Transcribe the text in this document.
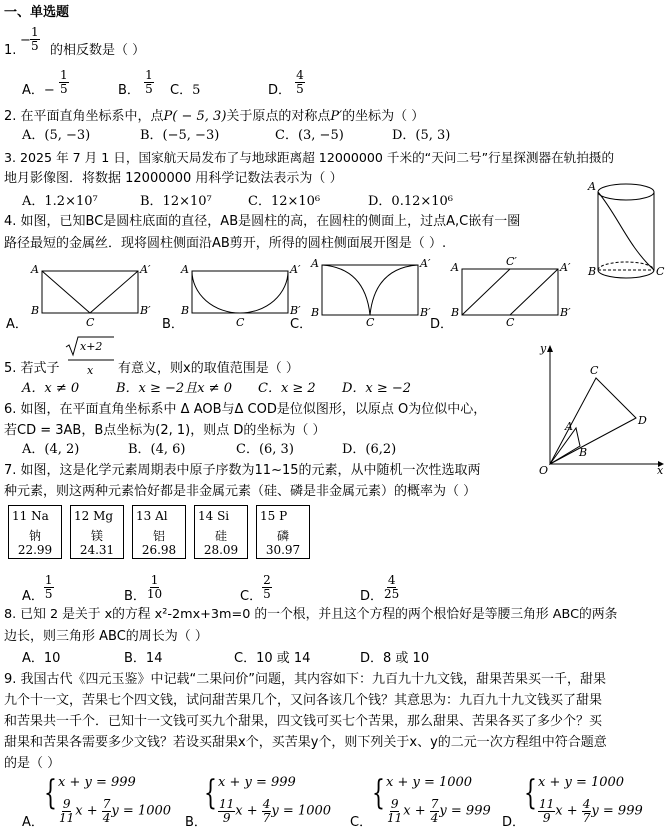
一、单选题
1.
− $\frac{1}{5}$ 的相反数是（ ）
A．− $\frac{1}{5}$	B． $\frac{1}{5}$ C．5	D． $\frac{4}{5}$
2. 在平面直角坐标系中，点P( − 5, 3)关于原点的对称点P′的坐标为（ ）
A．(5, −3)	B．(−5, −3)	C．(3, −5)	D．(5, 3)
3. 2025 年 7 月 1 日，国家航天局发布了与地球距离超 12000000 千米的“天问二号”行星探测器在轨拍摄的
地月影像图．将数据 12000000 用科学记数法表示为（ ）
A．1.2×10⁷	B．12×10⁷	C．12×10⁶	D．0.12×10⁶
4. 如图，已知BC是圆柱底面的直径，AB是圆柱的高，在圆柱的侧面上，过点A,C嵌有一圈
路径最短的金属丝．现将圆柱侧面沿AB剪开，所得的圆柱侧面展开图是（ ）.
A
B	C
A．
A	A′
B	B′
C	B．
A	A′
B	B′
C	C．
A	A′
B	B′
C	D．
A	C′	A′
B
C
B′
5. 若式子
x+2
x 有意义，则x的取值范围是（ ）
A．x ≠ 0	B．x ≥ −2且x ≠ 0 C．x ≥ 2 D．x ≥ −2
y
x
O
A
B
C
D
6. 如图，在平面直角坐标系中 Δ AOB与Δ COD是位似图形，以原点 O为位似中心，
若CD = 3AB，B点坐标为(2, 1)，则点 D的坐标为（ ）
A．(4, 2)	B．(4, 6)	C．(6, 3)	D．(6,2)
7. 如图，这是化学元素周期表中原子序数为11~15的元素，从中随机一次性选取两
种元素，则这两种元素恰好都是非金属元素（硅、磷是非金属元素）的概率为（ ）
11 Na
钠
22.99
12 Mg
镁
24.31
13 Al
铝
26.98
14 Si
硅
28.09
15 P
磷
30.97
A． $\frac{1}{5}$	B． $\frac{1}{10}$	C． $\frac{2}{5}$	D． $\frac{4}{25}$
8. 已知 2 是关于 x的方程 x²-2mx+3m=0 的一个根，并且这个方程的两个根恰好是等腰三角形 ABC的两条
边长，则三角形 ABC的周长为（ ）
A．10	B．14	C．10 或 14	D．8 或 10
9. 我国古代《四元玉鉴》中记载“二果问价”问题，其内容如下：九百九十九文钱，甜果苦果买一千，甜果
九个十一文，苦果七个四文钱，试问甜苦果几个，又问各该几个钱？其意思为：九百九十九文钱买了甜果
和苦果共一千个．已知十一文钱可买九个甜果，四文钱可买七个苦果，那么甜果、苦果各买了多少个？买
甜果和苦果各需要多少文钱？若设买甜果x个，买苦果y个，则下列关于x、y的二元一次方程组中符合题意
的是（ ）
A．
{ x + y = 999
$\frac{9}{11}$ $x + \frac{7}{4}$ y = 1000
B．
{ x + y = 999
$\frac{11}{9}$ $x + \frac{4}{7}$ y = 1000
C．
{ x + y = 1000
$\frac{9}{11}$ $x + \frac{7}{4}$ y = 999
D．
{ x + y = 1000
$\frac{11}{9}$ $x + \frac{4}{7}$ y = 999
